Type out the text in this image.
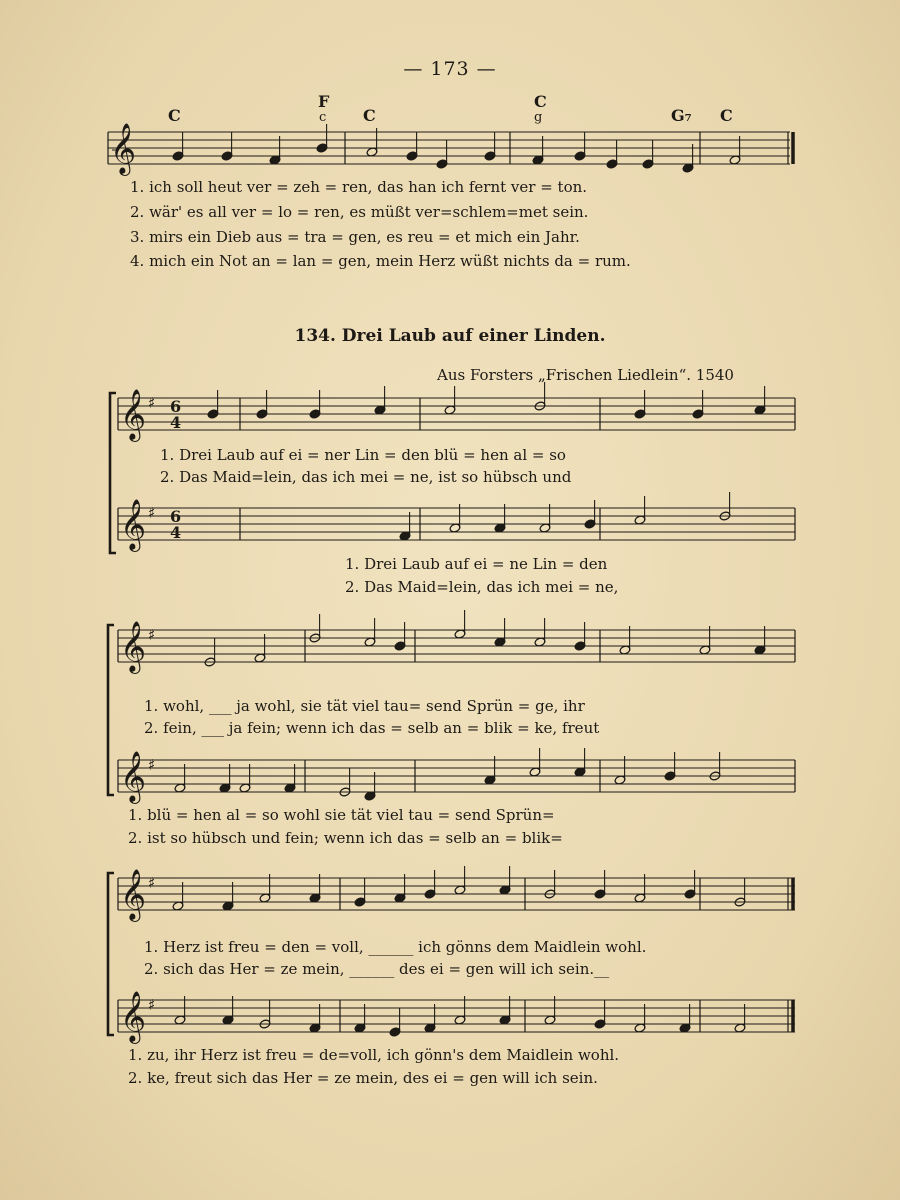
— 173 —
C
F
c C
C
g	G₇ C
𝄞
𝄞 ♯ 6
4
𝄞 ♯ 6
4
𝄞 ♯
𝄞 ♯
𝄞 ♯
𝄞 ♯
1. ich soll heut ver = zeh = ren, das han ich fernt ver = ton.
2. wär' es all ver = lo = ren, es müßt ver=schlem=met sein.
3. mirs ein Dieb aus = tra = gen, es reu = et mich ein Jahr.
4. mich ein Not an = lan = gen, mein Herz wüßt nichts da = rum.
134. Drei Laub auf einer Linden.
Aus Forsters „Frischen Liedlein“. 1540
1. Drei Laub auf ei = ner Lin = den blü = hen al = so
2. Das Maid=lein, das ich mei = ne, ist so hübsch und
1. Drei Laub auf ei = ne Lin = den
2. Das Maid=lein, das ich mei = ne,
1. wohl, ___ ja wohl, sie tät viel tau= send Sprün = ge, ihr
2. fein, ___ ja fein; wenn ich das = selb an = blik = ke, freut
1. blü = hen al = so wohl sie tät viel tau = send Sprün=
2. ist so hübsch und fein; wenn ich das = selb an = blik=
1. Herz ist freu = den = voll, ______ ich gönns dem Maidlein wohl.
2. sich das Her = ze mein, ______ des ei = gen will ich sein.__
1. zu, ihr Herz ist freu = de=voll, ich gönn's dem Maidlein wohl.
2. ke, freut sich das Her = ze mein, des ei = gen will ich sein.
